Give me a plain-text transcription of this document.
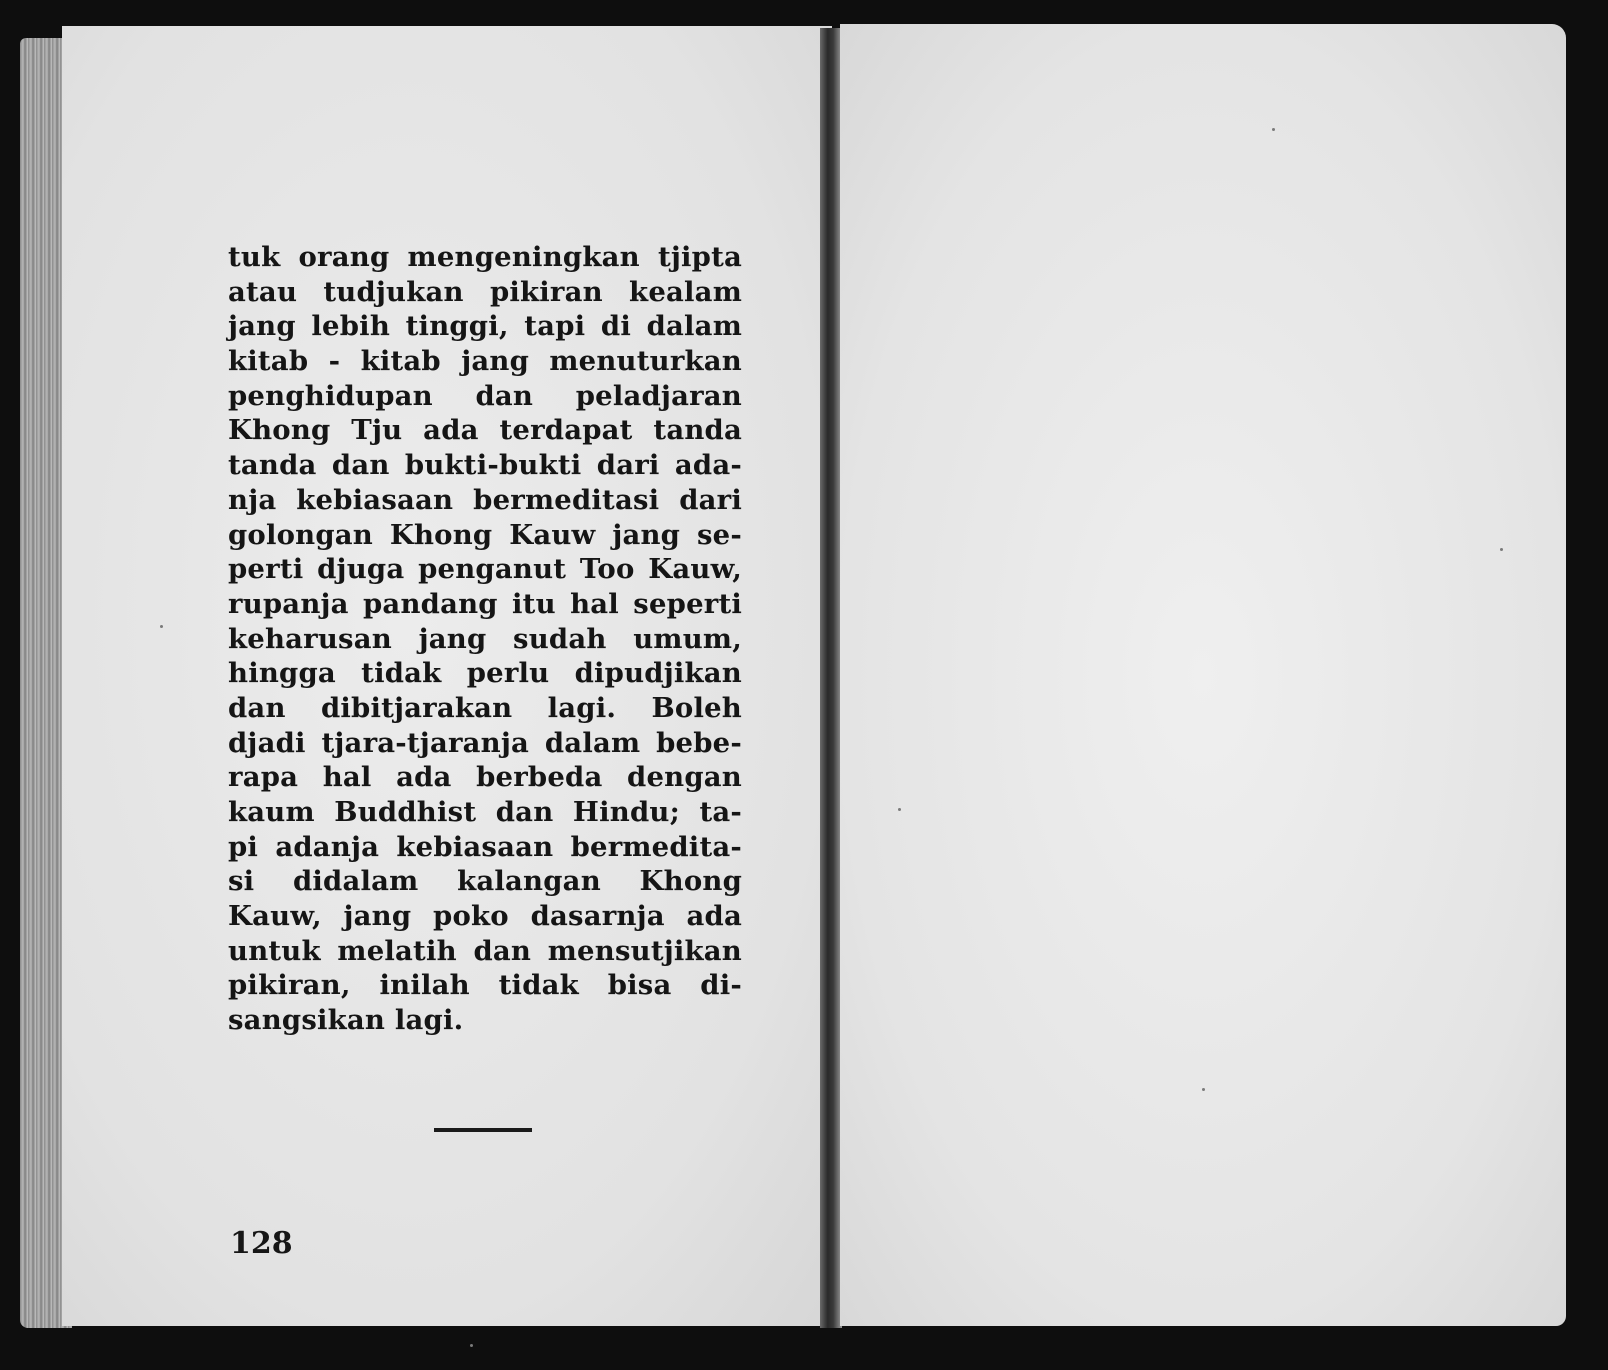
tuk orang mengeningkan tjipta
atau tudjukan pikiran kealam
jang lebih tinggi, tapi di dalam
kitab - kitab jang menuturkan
penghidupan dan peladjaran
Khong Tju ada terdapat tanda
tanda dan bukti-bukti dari ada-
nja kebiasaan bermeditasi dari
golongan Khong Kauw jang se-
perti djuga penganut Too Kauw,
rupanja pandang itu hal seperti
keharusan jang sudah umum,
hingga tidak perlu dipudjikan
dan dibitjarakan lagi. Boleh
djadi tjara-tjaranja dalam bebe-
rapa hal ada berbeda dengan
kaum Buddhist dan Hindu; ta-
pi adanja kebiasaan bermedita-
si didalam kalangan Khong
Kauw, jang poko dasarnja ada
untuk melatih dan mensutjikan
pikiran, inilah tidak bisa di-
sangsikan lagi.
128
